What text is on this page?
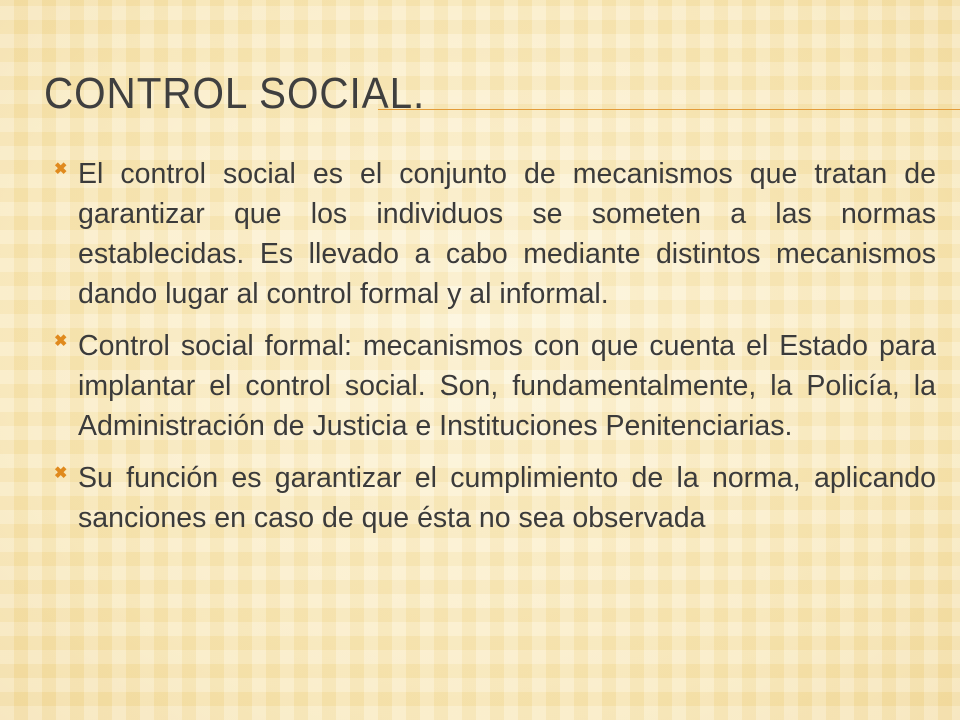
CONTROL SOCIAL.
✖ El control social es el conjunto de mecanismos que tratan de garantizar que los individuos se someten a las normas establecidas. Es llevado a cabo mediante distintos mecanismos dando lugar al control formal y al informal.
✖ Control social formal: mecanismos con que cuenta el Estado para implantar el control social. Son, fundamentalmente, la Policía, la Administración de Justicia e Instituciones Penitenciarias.
✖ Su función es garantizar el cumplimiento de la norma, aplicando sanciones en caso de que ésta no sea observada
